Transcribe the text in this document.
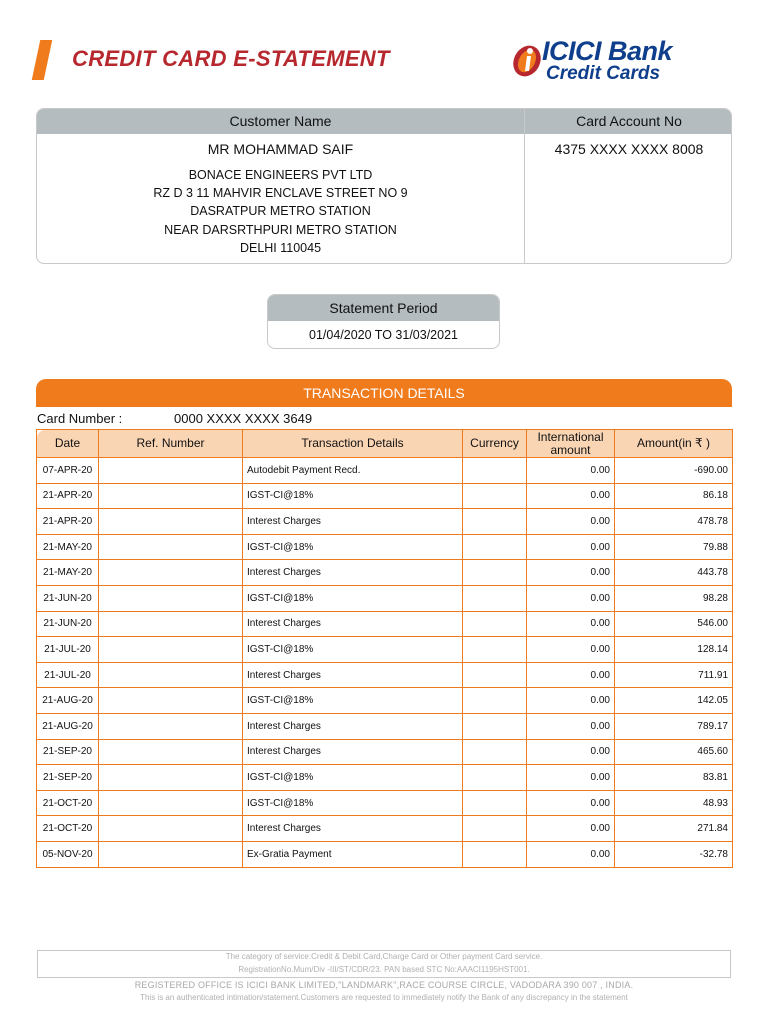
CREDIT CARD E-STATEMENT	ICICI Bank
Credit Cards
Customer Name	Card Account No
MR MOHAMMAD SAIF
BONACE ENGINEERS PVT LTD
RZ D 3 11 MAHVIR ENCLAVE STREET NO 9
DASRATPUR METRO STATION
NEAR DARSRTHPURI METRO STATION
DELHI 110045
4375 XXXX XXXX 8008
Statement Period
01/04/2020 TO 31/03/2021
TRANSACTION DETAILS
Card Number :	0000 XXXX XXXX 3649
Date	Ref. Number	Transaction Details	Currency	International amount	Amount(in ₹ )
07-APR-20		Autodebit Payment Recd.		0.00	-690.00
21-APR-20		IGST-CI@18%		0.00	86.18
21-APR-20		Interest Charges		0.00	478.78
21-MAY-20		IGST-CI@18%		0.00	79.88
21-MAY-20		Interest Charges		0.00	443.78
21-JUN-20		IGST-CI@18%		0.00	98.28
21-JUN-20		Interest Charges		0.00	546.00
21-JUL-20		IGST-CI@18%		0.00	128.14
21-JUL-20		Interest Charges		0.00	711.91
21-AUG-20		IGST-CI@18%		0.00	142.05
21-AUG-20		Interest Charges		0.00	789.17
21-SEP-20		Interest Charges		0.00	465.60
21-SEP-20		IGST-CI@18%		0.00	83.81
21-OCT-20		IGST-CI@18%		0.00	48.93
21-OCT-20		Interest Charges		0.00	271.84
05-NOV-20		Ex-Gratia Payment		0.00	-32.78
The category of service:Credit & Debit Card,Charge Card or Other payment Card service.
RegistrationNo.Mum/Div -III/ST/CDR/23. PAN based STC No:AAACI1195HST001.
REGISTERED OFFICE IS ICICI BANK LIMITED,"LANDMARK",RACE COURSE CIRCLE, VADODARA 390 007 , INDIA.
This is an authenticated intimation/statement.Customers are requested to immediately notify the Bank of any discrepancy in the statement
